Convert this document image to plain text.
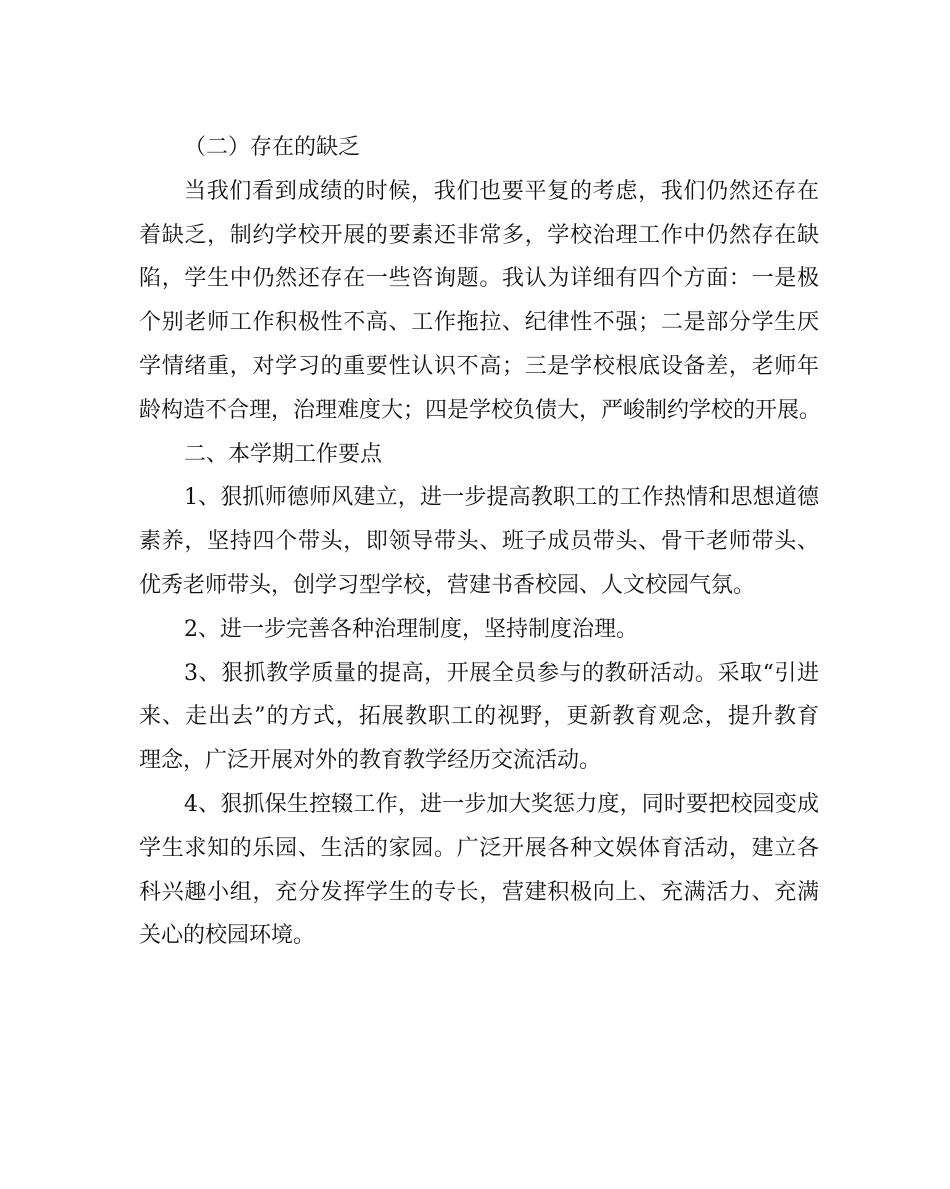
（二）存在的缺乏

当我们看到成绩的时候，我们也要平复的考虑，我们仍然还存在
着缺乏，制约学校开展的要素还非常多，学校治理工作中仍然存在缺
陷，学生中仍然还存在一些咨询题。我认为详细有四个方面：一是极
个别老师工作积极性不高、工作拖拉、纪律性不强；二是部分学生厌
学情绪重，对学习的重要性认识不高；三是学校根底设备差，老师年
龄构造不合理，治理难度大；四是学校负债大，严峻制约学校的开展。

二、本学期工作要点

1、狠抓师德师风建立，进一步提高教职工的工作热情和思想道德
素养，坚持四个带头，即领导带头、班子成员带头、骨干老师带头、
优秀老师带头，创学习型学校，营建书香校园、人文校园气氛。
2、进一步完善各种治理制度，坚持制度治理。
3、狠抓教学质量的提高，开展全员参与的教研活动。采取“引进
来、走出去”的方式，拓展教职工的视野，更新教育观念，提升教育
理念，广泛开展对外的教育教学经历交流活动。
4、狠抓保生控辍工作，进一步加大奖惩力度，同时要把校园变成
学生求知的乐园、生活的家园。广泛开展各种文娱体育活动，建立各
科兴趣小组，充分发挥学生的专长，营建积极向上、充满活力、充满
关心的校园环境。
